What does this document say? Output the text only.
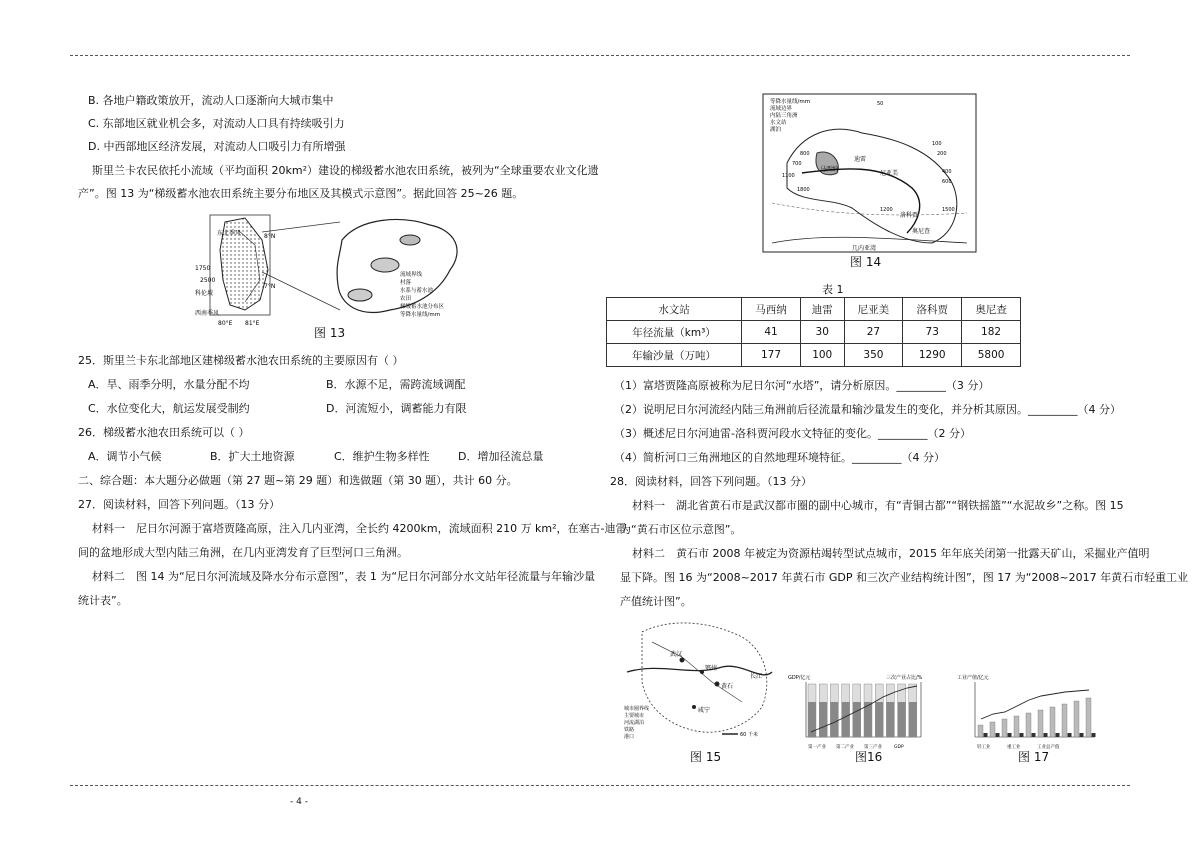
B. 各地户籍政策放开，流动人口逐渐向大城市集中
C. 东部地区就业机会多，对流动人口具有持续吸引力
D. 中西部地区经济发展，对流动人口吸引力有所增强
斯里兰卡农民依托小流域（平均面积 20km²）建设的梯级蓄水池农田系统，被列为“全球重要农业文化遗
产”。图 13 为“梯级蓄水池农田系统主要分布地区及其模式示意图”。据此回答 25~26 题。
东北季风	8°N
7°N
西南季风
1750
2500
科伦坡
80°E 81°E
流域界线
村落
水系与蓄水池
农田
梯级蓄水池分布区
等降水量线/mm
图 13
25．斯里兰卡东北部地区建梯级蓄水池农田系统的主要原因有（ ）
A．旱、雨季分明，水量分配不均	B．水源不足，需跨流域调配
C．水位变化大，航运发展受制约	D．河流短小，调蓄能力有限
26．梯级蓄水池农田系统可以（ ）
A．调节小气候	B．扩大土地资源	C．维护生物多样性	D．增加径流总量
二、综合题：本大题分必做题（第 27 题~第 29 题）和选做题（第 30 题），共计 60 分。
27．阅读材料，回答下列问题。（13 分）
材料一　尼日尔河源于富塔贾隆高原，注入几内亚湾，全长约 4200km，流域面积 210 万 km²，在塞古-迪雷
间的盆地形成大型内陆三角洲，在几内亚湾发育了巨型河口三角洲。
材料二　图 14 为“尼日尔河流域及降水分布示意图”，表 1 为“尼日尔河部分水文站年径流量与年输沙量
统计表”。
- 4 -
等降水量线/mm
流域边界
内陆三角洲
水文站
湖泊
马西纳
迪雷
尼亚美
洛科贾
奥尼查
几内亚湾
50
100
200
400
600
700
800
1100
1200	1500
1800
图 14
表 1
水文站	马西纳	迪雷	尼亚美	洛科贾	奥尼查
年径流量（km³）	41	30	27	73	182
年输沙量（万吨）	177	100	350	1290	5800
（1）富塔贾隆高原被称为尼日尔河“水塔”，请分析原因。_________（3 分）
（2）说明尼日尔河流经内陆三角洲前后径流量和输沙量发生的变化，并分析其原因。_________（4 分）
（3）概述尼日尔河迪雷-洛科贾河段水文特征的变化。_________（2 分）
（4）简析河口三角洲地区的自然地理环境特征。_________（4 分）
28．阅读材料，回答下列问题。（13 分）
材料一　湖北省黄石市是武汉都市圈的副中心城市，有“青铜古都”“钢铁摇篮”“水泥故乡”之称。图 15
为“黄石市区位示意图”。
材料二　黄石市 2008 年被定为资源枯竭转型试点城市，2015 年年底关闭第一批露天矿山，采掘业产值明
显下降。图 16 为“2008~2017 年黄石市 GDP 和三次产业结构统计图”，图 17 为“2008~2017 年黄石市轻重工业
产值统计图”。
武汉
黄石
鄂州
咸宁
长江
城市圈界线
主要城市
河流湖泊
铁路
港口	60 千米
图 15
GDP/亿元	三次产业占比/%
第一产业 第二产业 第三产业	GDP
图16
工业产值/亿元
轻工业	重工业	工业总产值
图 17
